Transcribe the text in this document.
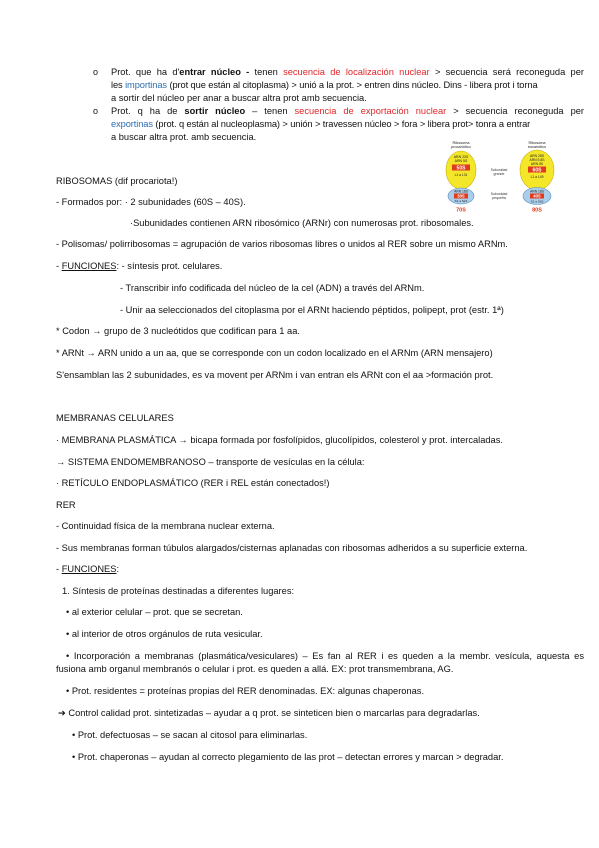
o Prot. que ha d'entrar núcleo - tenen secuencia de localización nuclear > secuencia será reconeguda per
les importinas (prot que están al citoplasma) > unió a la prot. > entren dins núcleo. Dins - libera prot i torna
a sortir del núcleo per anar a buscar altra prot amb secuencia.
o Prot. q ha de sortir núcleo – tenen secuencia de exportación nuclear > secuencia reconeguda per
exportinas (prot. q están al nucleoplasma) > unión > travessen núcleo > fora > libera prot> tonra a entrar
a buscar altra prot. amb secuencia.
Ribosoma
procariótico
Ribosoma
eucariótico
ARN 23S
ARN 5S
50S
L1 a L31
ARN 16S
30S
S1 a S21
70S
Subunidad
grande
Subunidad
pequeña
ARN 28S
ARN 5.8S
ARN 5S
60S
L1 a L49
ARN 18S
40S
S1 a S33
80S
RIBOSOMAS (dif procariota!)
- Formados por: · 2 subunidades (60S – 40S).
·Subunidades contienen ARN ribosómico (ARNr) con numerosas prot. ribosomales.
- Polisomas/ polirribosomas = agrupación de varios ribosomas libres o unidos al RER sobre un mismo ARNm.
- FUNCIONES: - síntesis prot. celulares.
- Transcribir info codificada del núcleo de la cel (ADN) a través del ARNm.
- Unir aa seleccionados del citoplasma por el ARNt haciendo péptidos, polipept, prot (estr. 1ª)
* Codon → grupo de 3 nucleótidos que codifican para 1 aa.
* ARNt → ARN unido a un aa, que se corresponde con un codon localizado en el ARNm (ARN mensajero)
S'ensamblan las 2 subunidades, es va movent per ARNm i van entran els ARNt con el aa >formación prot.
MEMBRANAS CELULARES
· MEMBRANA PLASMÁTICA → bicapa formada por fosfolípidos, glucolípidos, colesterol y prot. intercaladas.
→ SISTEMA ENDOMEMBRANOSO – transporte de vesículas en la célula:
· RETÍCULO ENDOPLASMÁTICO (RER i REL están conectados!)
RER
- Continuidad física de la membrana nuclear externa.
- Sus membranas forman túbulos alargados/cisternas aplanadas con ribosomas adheridos a su superficie externa.
- FUNCIONES:
1. Síntesis de proteínas destinadas a diferentes lugares:
• al exterior celular – prot. que se secretan.
• al interior de otros orgánulos de ruta vesicular.
• Incorporación a membranas (plasmática/vesiculares) – Es fan al RER i es queden a la membr. vesícula, aquesta es
fusiona amb organul membranós o celular i prot. es queden a allá. EX: prot transmembrana, AG.
• Prot. residentes = proteínas propias del RER denominadas. EX: algunas chaperonas.
➔ Control calidad prot. sintetizadas – ayudar a q prot. se sinteticen bien o marcarlas para degradarlas.
• Prot. defectuosas – se sacan al citosol para eliminarlas.
• Prot. chaperonas – ayudan al correcto plegamiento de las prot – detectan errores y marcan > degradar.
